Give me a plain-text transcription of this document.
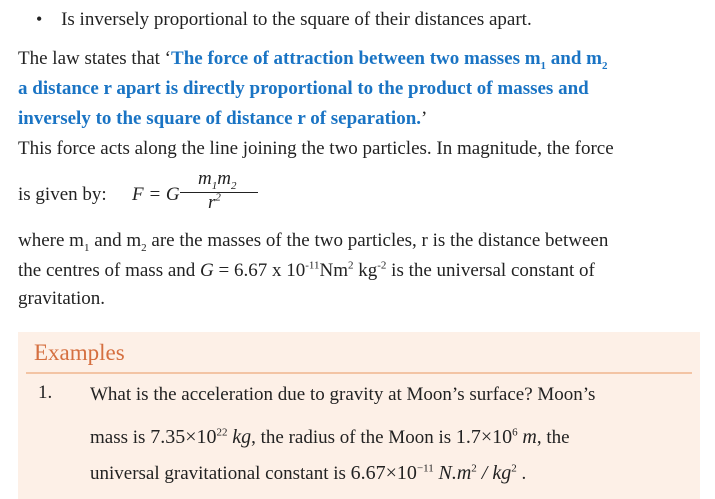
• Is inversely proportional to the square of their distances apart.
The law states that ‘The force of attraction between two masses $m_1$ and $m_2$
a distance r apart is directly proportional to the product of masses and
inversely to the square of distance r of separation.’
This force acts along the line joining the two particles. In magnitude, the force
is given by: F = G
$m_1m_2$
$r^2$
where $m_1$ and $m_2$ are the masses of the two particles, r is the distance between
the centres of mass and G = 6.67 x $10^{-11}Nm^2$ $kg^{-2}$ is the universal constant of
gravitation.
Examples
1. What is the acceleration due to gravity at Moon’s surface? Moon’s
mass is $7.35\times 10^{22}$ kg, the radius of the Moon is $1.7\times 10^6$ m, the
universal gravitational constant is $6.67\times 10^{-11}$ $N.m^2 / kg^2$ .
